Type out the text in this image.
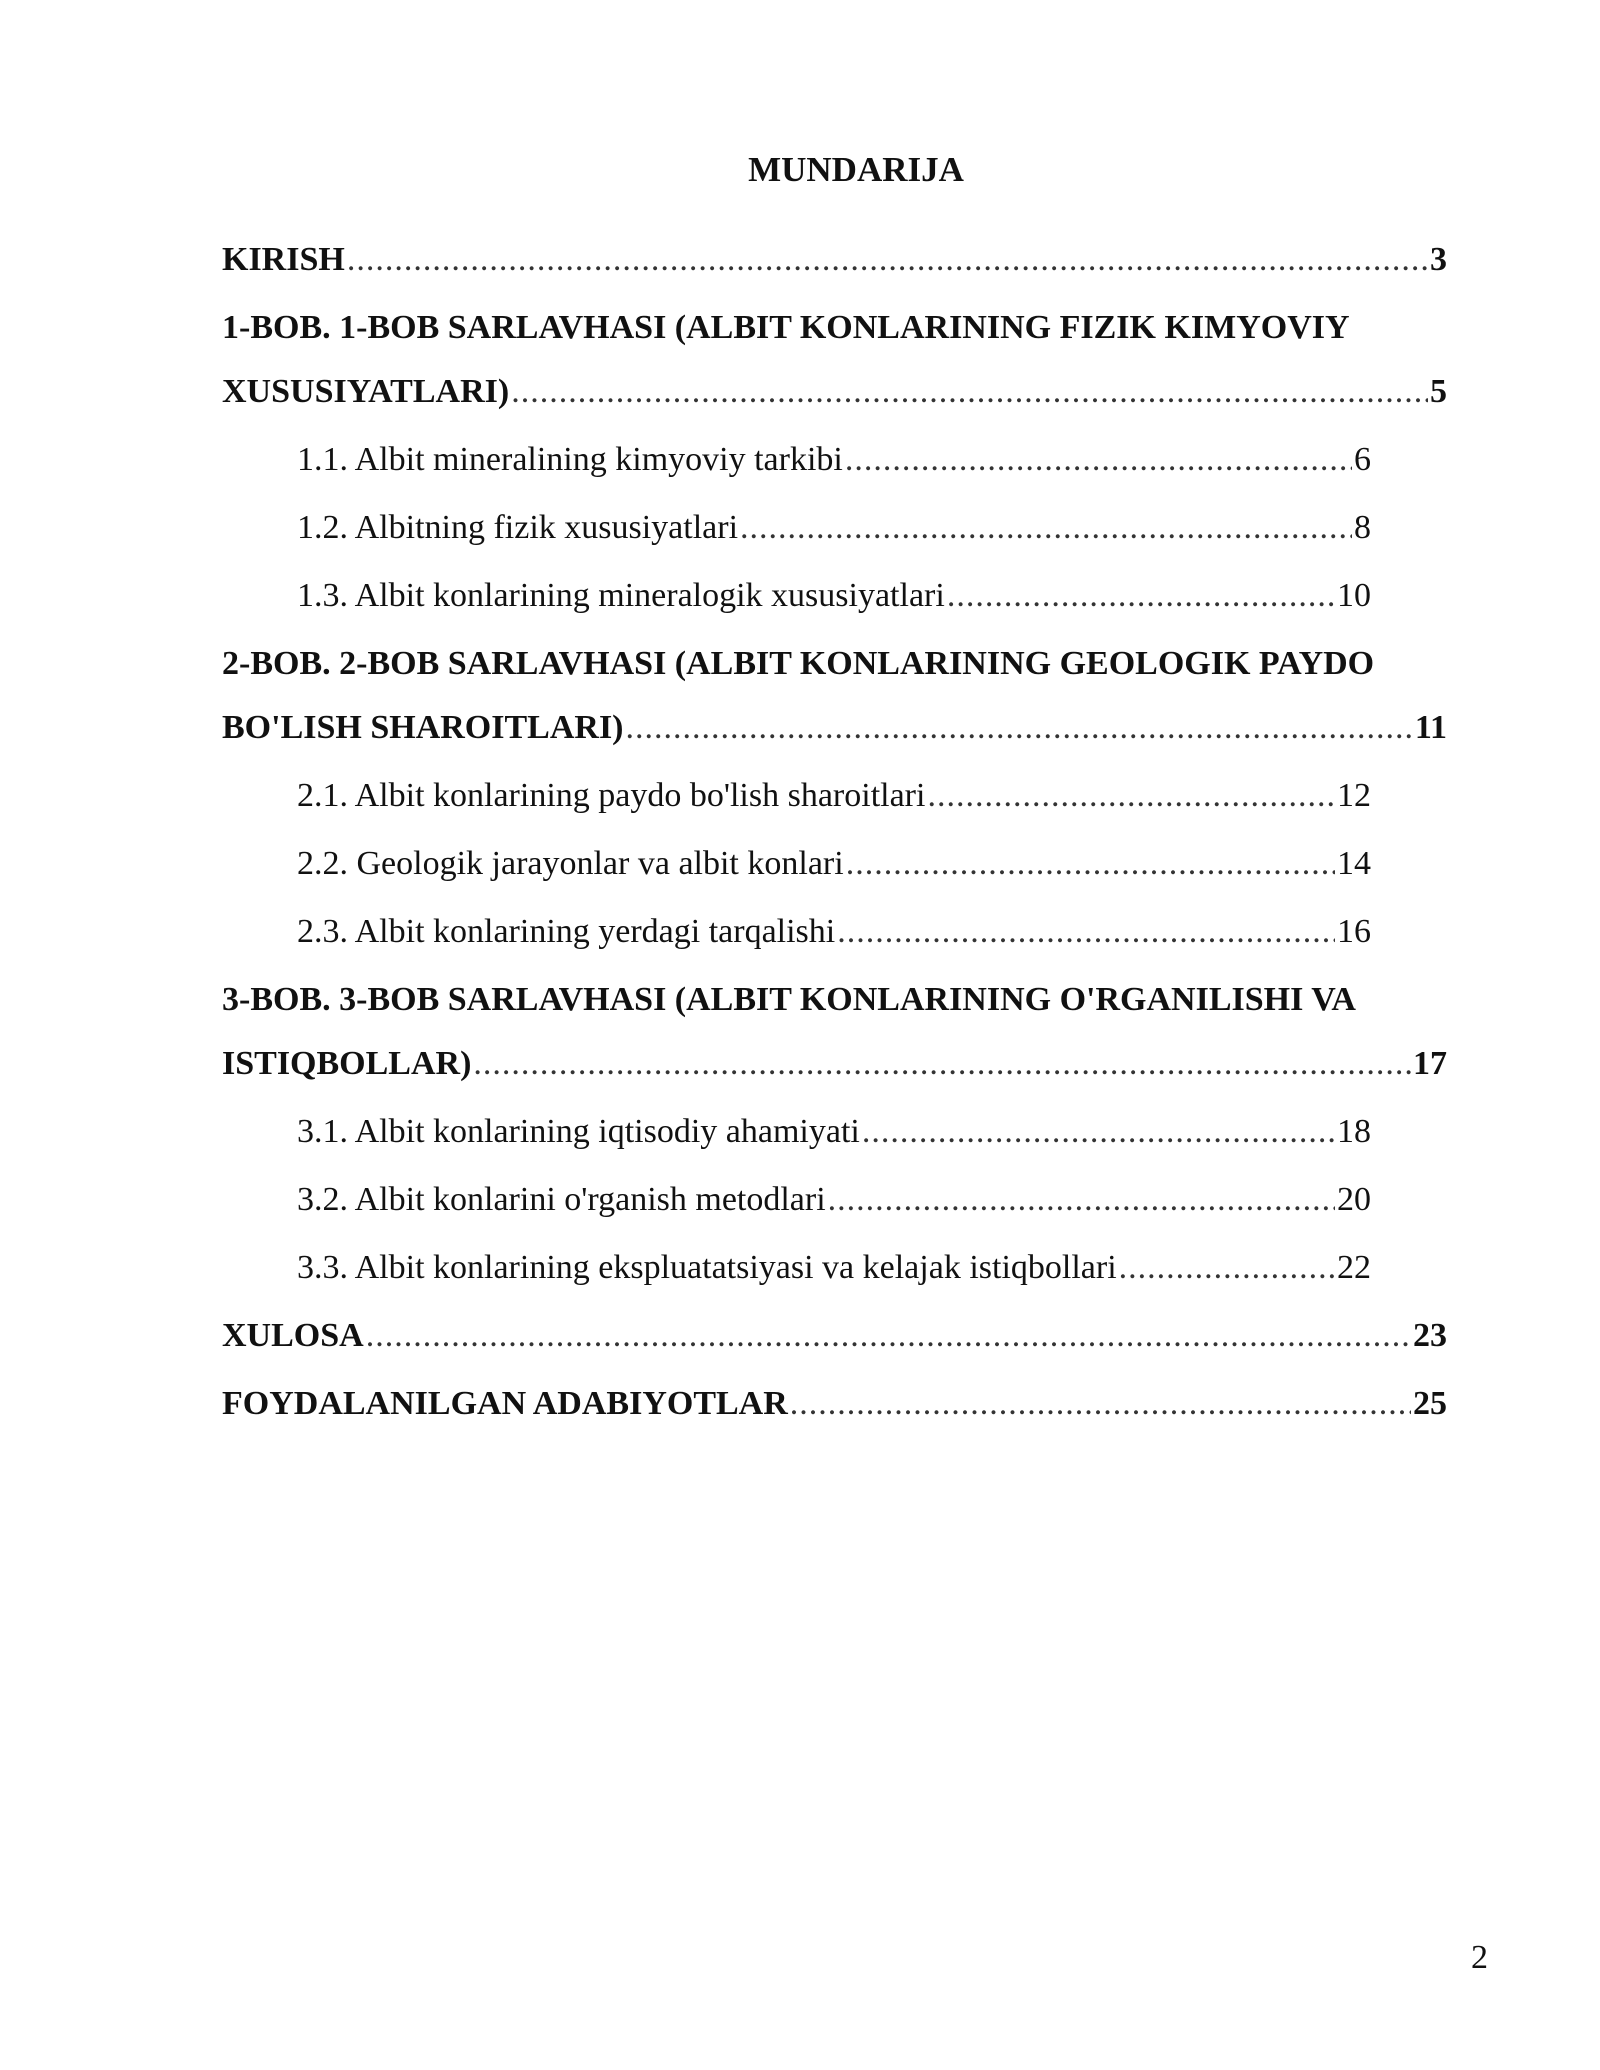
MUNDARIJA
KIRISH .....	3
1-BOB. 1-BOB SARLAVHASI (ALBIT KONLARINING FIZIK KIMYOVIY
XUSUSIYATLARI) .....	5
1.1. Albit mineralining kimyoviy tarkibi .....	6
1.2. Albitning fizik xususiyatlari .....	8
1.3. Albit konlarining mineralogik xususiyatlari .....	10
2-BOB. 2-BOB SARLAVHASI (ALBIT KONLARINING GEOLOGIK PAYDO
BO'LISH SHAROITLARI) .....	11
2.1. Albit konlarining paydo bo'lish sharoitlari .....	12
2.2. Geologik jarayonlar va albit konlari .....	14
2.3. Albit konlarining yerdagi tarqalishi .....	16
3-BOB. 3-BOB SARLAVHASI (ALBIT KONLARINING O'RGANILISHI VA
ISTIQBOLLAR) .....	17
3.1. Albit konlarining iqtisodiy ahamiyati .....	18
3.2. Albit konlarini o'rganish metodlari .....	20
3.3. Albit konlarining ekspluatatsiyasi va kelajak istiqbollari .....	22
XULOSA .....	23
FOYDALANILGAN ADABIYOTLAR .....	25
2
